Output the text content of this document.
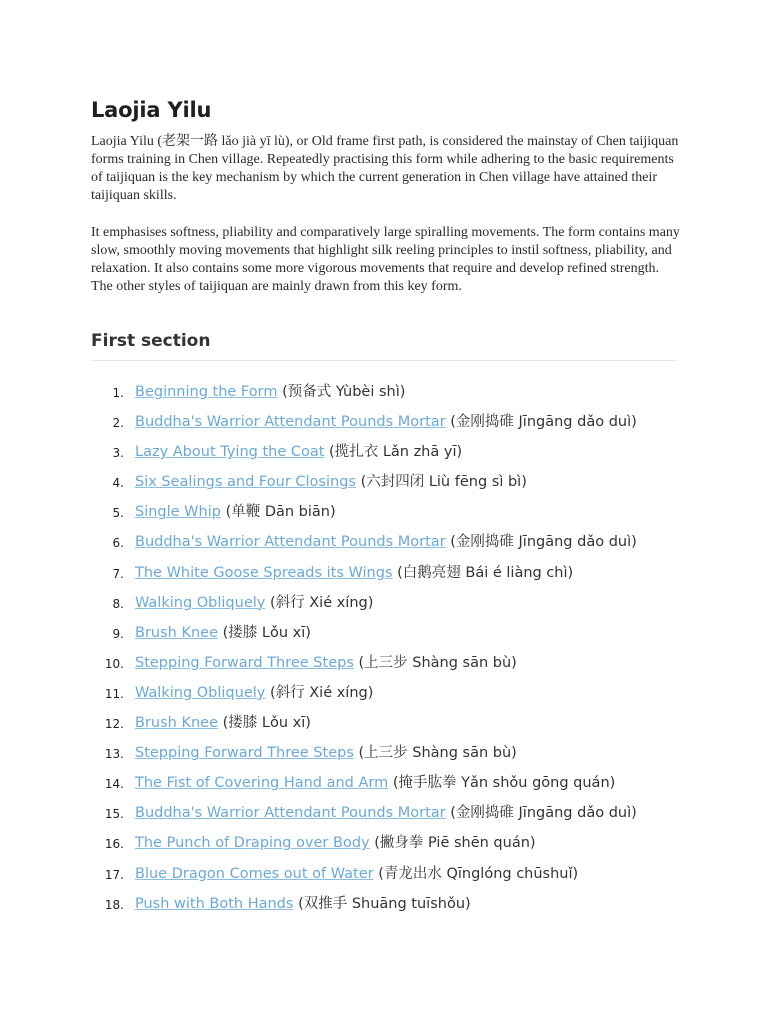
Laojia Yilu

Laojia Yilu (老架一路 lǎo jià yī lù), or Old frame first path, is considered the mainstay of Chen taijiquan forms training in Chen village. Repeatedly practising this form while adhering to the basic requirements of taijiquan is the key mechanism by which the current generation in Chen village have attained their taijiquan skills.

It emphasises softness, pliability and comparatively large spiralling movements. The form contains many slow, smoothly moving movements that highlight silk reeling principles to instil softness, pliability, and relaxation. It also contains some more vigorous movements that require and develop refined strength. The other styles of taijiquan are mainly drawn from this key form.

First section
1. Beginning the Form (预备式 Yùbèi shì)
2. Buddha's Warrior Attendant Pounds Mortar (金刚捣碓 Jīngāng dǎo duì)
3. Lazy About Tying the Coat (揽扎衣 Lǎn zhā yī)
4. Six Sealings and Four Closings (六封四闭 Liù fēng sì bì)
5. Single Whip (单鞭 Dān biān)
6. Buddha's Warrior Attendant Pounds Mortar (金刚捣碓 Jīngāng dǎo duì)
7. The White Goose Spreads its Wings (白鹅亮翅 Bái é liàng chì)
8. Walking Obliquely (斜行 Xié xíng)
9. Brush Knee (搂膝 Lǒu xī)
10. Stepping Forward Three Steps (上三步 Shàng sān bù)
11. Walking Obliquely (斜行 Xié xíng)
12. Brush Knee (搂膝 Lǒu xī)
13. Stepping Forward Three Steps (上三步 Shàng sān bù)
14. The Fist of Covering Hand and Arm (掩手肱拳 Yǎn shǒu gōng quán)
15. Buddha's Warrior Attendant Pounds Mortar (金刚捣碓 Jīngāng dǎo duì)
16. The Punch of Draping over Body (撇身拳 Piē shēn quán)
17. Blue Dragon Comes out of Water (青龙出水 Qīnglóng chūshuǐ)
18. Push with Both Hands (双推手 Shuāng tuīshǒu)
